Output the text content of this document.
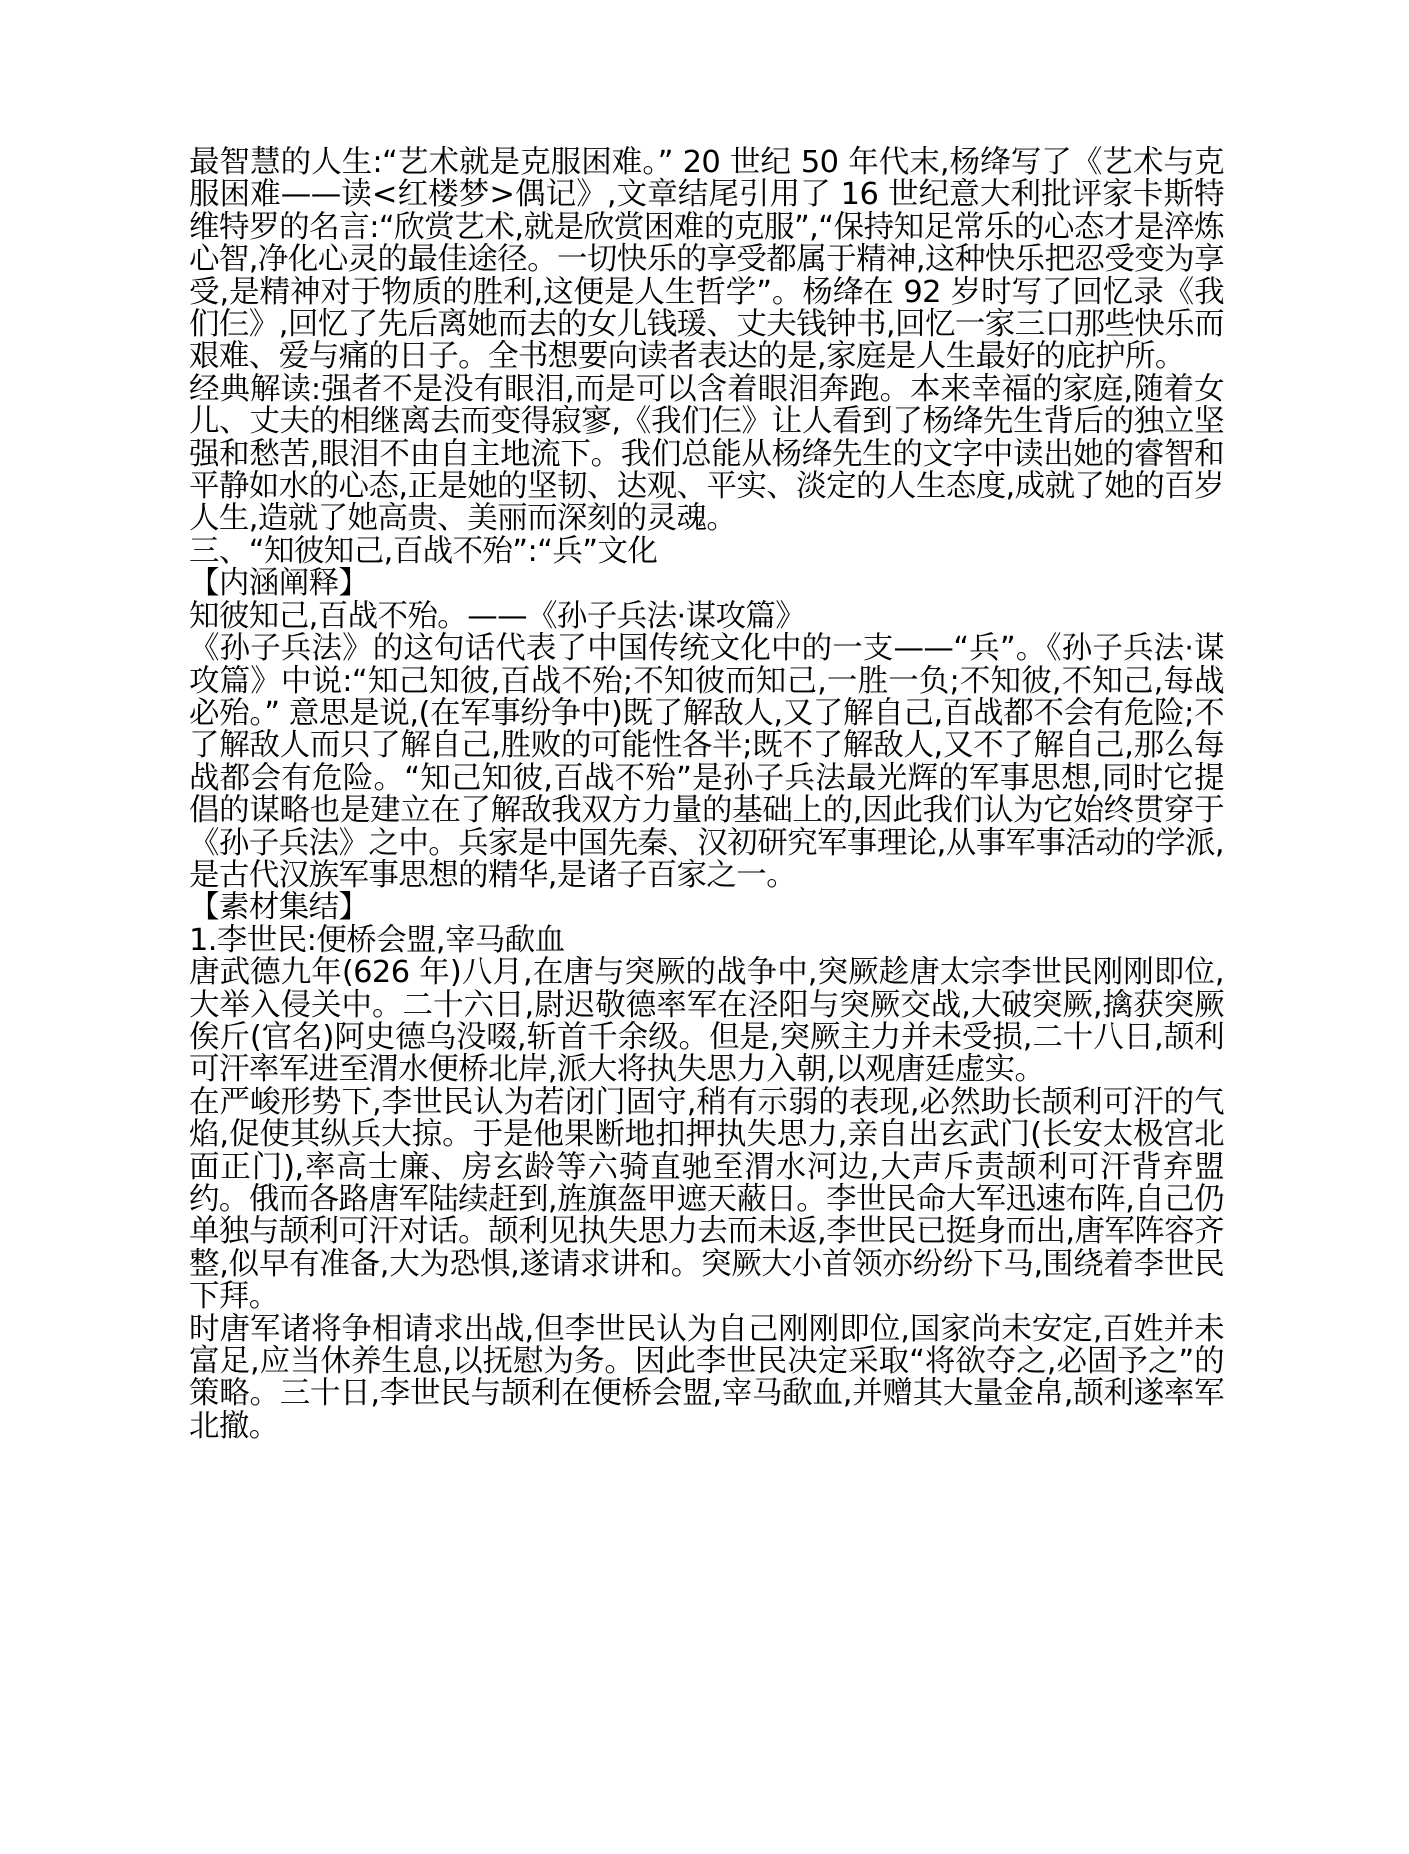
最智慧的人生:“艺术就是克服困难。” 20 世纪 50 年代末,杨绛写了《艺术与克服困难——读<红楼梦>偶记》,文章结尾引用了 16 世纪意大利批评家卡斯特维特罗的名言:“欣赏艺术,就是欣赏困难的克服”,“保持知足常乐的心态才是淬炼心智,净化心灵的最佳途径。一切快乐的享受都属于精神,这种快乐把忍受变为享受,是精神对于物质的胜利,这便是人生哲学”。杨绛在 92 岁时写了回忆录《我们仨》,回忆了先后离她而去的女儿钱瑗、丈夫钱钟书,回忆一家三口那些快乐而艰难、爱与痛的日子。全书想要向读者表达的是,家庭是人生最好的庇护所。

经典解读:强者不是没有眼泪,而是可以含着眼泪奔跑。本来幸福的家庭,随着女儿、丈夫的相继离去而变得寂寥,《我们仨》让人看到了杨绛先生背后的独立坚强和愁苦,眼泪不由自主地流下。我们总能从杨绛先生的文字中读出她的睿智和平静如水的心态,正是她的坚韧、达观、平实、淡定的人生态度,成就了她的百岁人生,造就了她高贵、美丽而深刻的灵魂。

三、“知彼知己,百战不殆”:“兵”文化

【内涵阐释】

知彼知己,百战不殆。——《孙子兵法·谋攻篇》

《孙子兵法》的这句话代表了中国传统文化中的一支——“兵”。《孙子兵法·谋攻篇》中说:“知己知彼,百战不殆;不知彼而知己,一胜一负;不知彼,不知己,每战必殆。” 意思是说,(在军事纷争中)既了解敌人,又了解自己,百战都不会有危险;不了解敌人而只了解自己,胜败的可能性各半;既不了解敌人,又不了解自己,那么每战都会有危险。“知己知彼,百战不殆”是孙子兵法最光辉的军事思想,同时它提倡的谋略也是建立在了解敌我双方力量的基础上的,因此我们认为它始终贯穿于《孙子兵法》之中。兵家是中国先秦、汉初研究军事理论,从事军事活动的学派,是古代汉族军事思想的精华,是诸子百家之一。

【素材集结】

1.李世民:便桥会盟,宰马歃血

唐武德九年(626 年)八月,在唐与突厥的战争中,突厥趁唐太宗李世民刚刚即位,大举入侵关中。二十六日,尉迟敬德率军在泾阳与突厥交战,大破突厥,擒获突厥俟斤(官名)阿史德乌没啜,斩首千余级。但是,突厥主力并未受损,二十八日,颉利可汗率军进至渭水便桥北岸,派大将执失思力入朝,以观唐廷虚实。

在严峻形势下,李世民认为若闭门固守,稍有示弱的表现,必然助长颉利可汗的气焰,促使其纵兵大掠。于是他果断地扣押执失思力,亲自出玄武门(长安太极宫北面正门),率高士廉、房玄龄等六骑直驰至渭水河边,大声斥责颉利可汗背弃盟约。俄而各路唐军陆续赶到,旌旗盔甲遮天蔽日。李世民命大军迅速布阵,自己仍单独与颉利可汗对话。颉利见执失思力去而未返,李世民已挺身而出,唐军阵容齐整,似早有准备,大为恐惧,遂请求讲和。突厥大小首领亦纷纷下马,围绕着李世民下拜。

时唐军诸将争相请求出战,但李世民认为自己刚刚即位,国家尚未安定,百姓并未富足,应当休养生息,以抚慰为务。因此李世民决定采取“将欲夺之,必固予之”的策略。三十日,李世民与颉利在便桥会盟,宰马歃血,并赠其大量金帛,颉利遂率军北撤。
